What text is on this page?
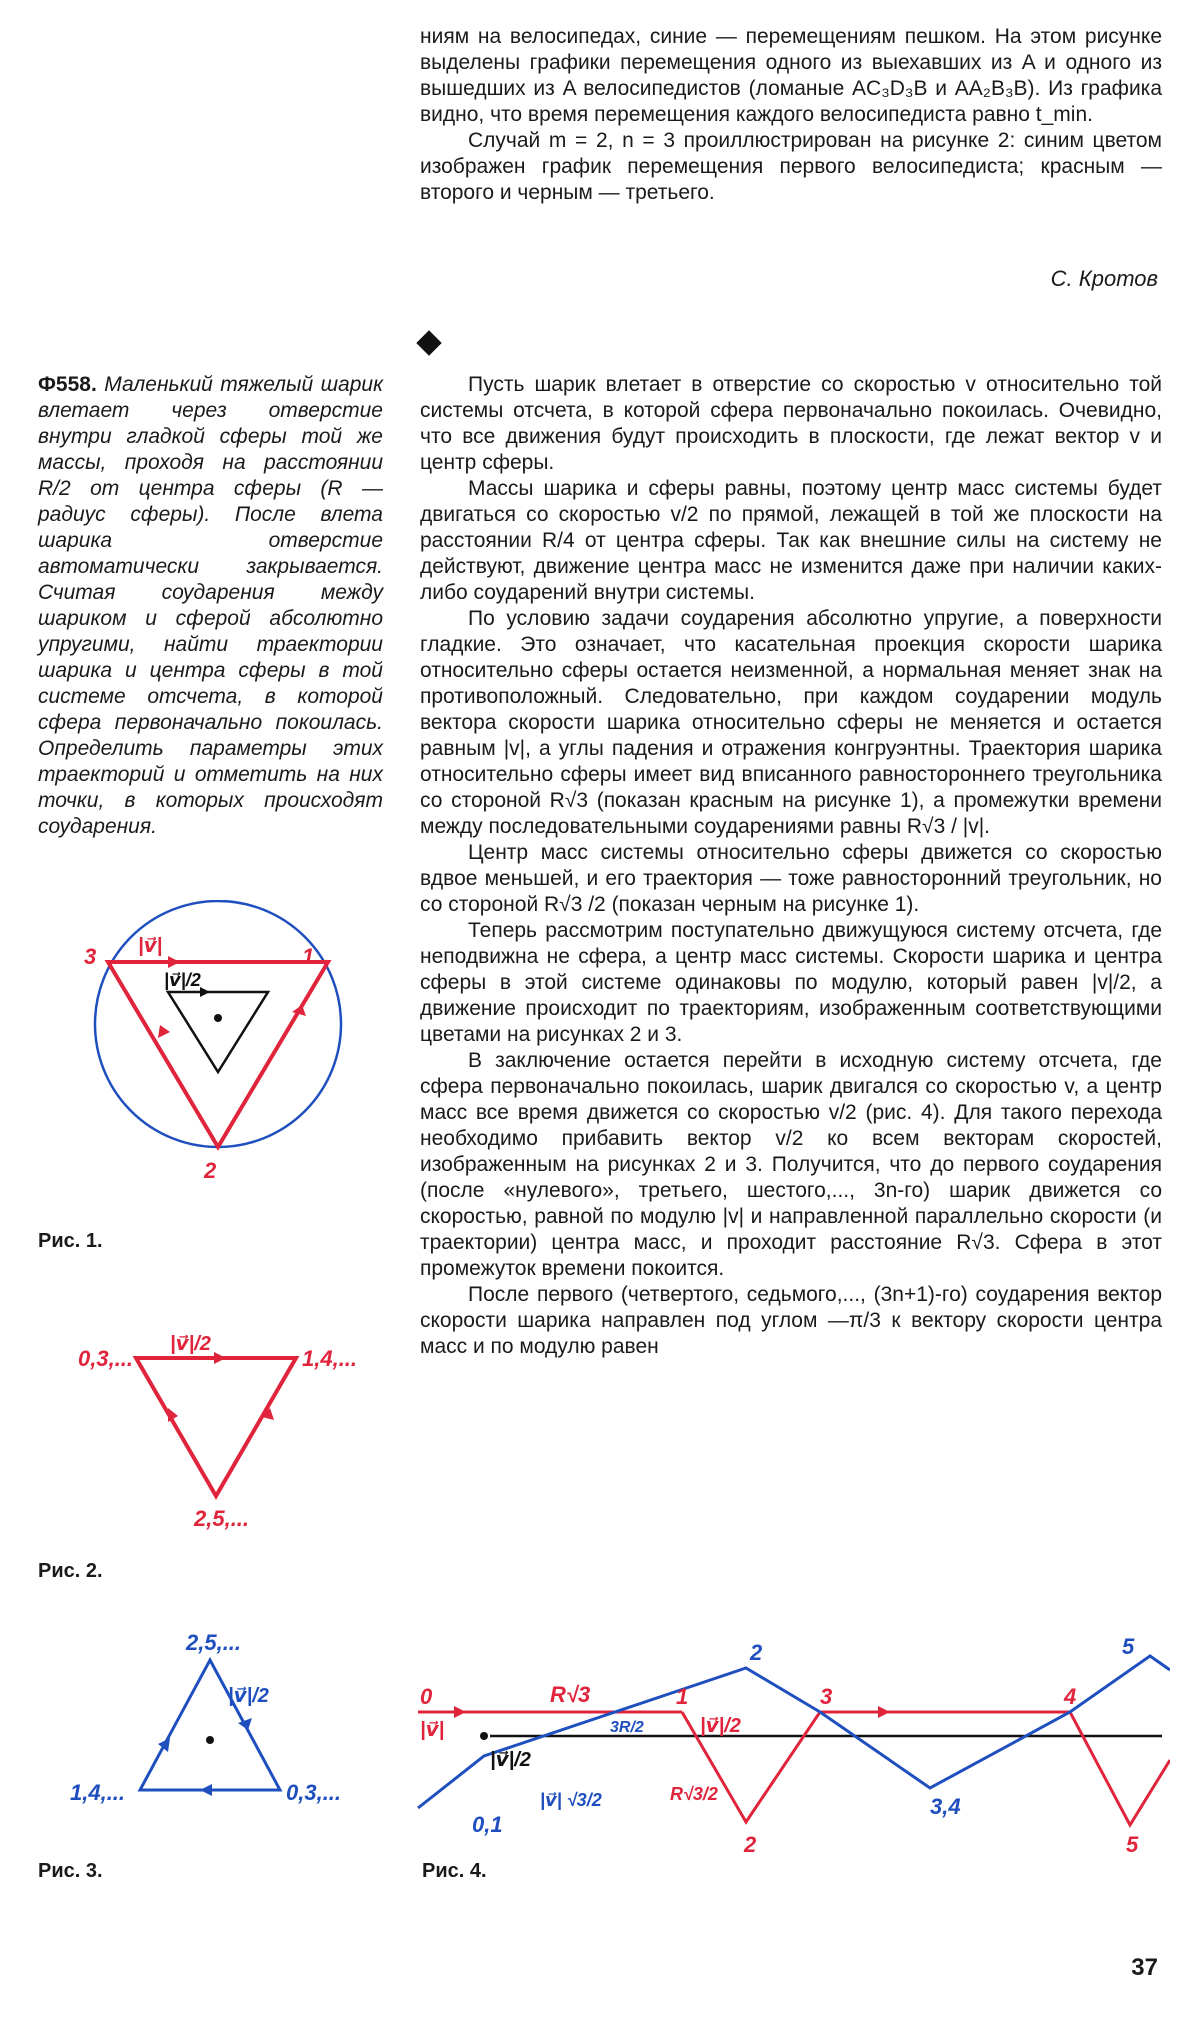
ниям на велосипедах, синие — перемещениям пешком. На этом рисунке выделены графики перемещения одного из выехавших из A и одного из вышедших из A велосипедистов (ломаные AC₃D₃B и AA₂B₃B). Из графика видно, что время перемещения каждого велосипедиста равно t_min.

Случай m = 2, n = 3 проиллюстрирован на рисунке 2: синим цветом изображен график перемещения первого велосипедиста; красным — второго и черным — третьего.

С. Кротов
Ф558. Маленький тяжелый шарик влетает через отверстие внутри гладкой сферы той же массы, проходя на расстоянии R/2 от центра сферы (R — радиус сферы). После влета шарика отверстие автоматически закрывается. Считая соударения между шариком и сферой абсолютно упругими, найти траектории шарика и центра сферы в той системе отсчета, в которой сфера первоначально покоилась. Определить параметры этих траекторий и отметить на них точки, в которых происходят соударения.

Пусть шарик влетает в отверстие со скоростью v относительно той системы отсчета, в которой сфера первоначально покоилась. Очевидно, что все движения будут происходить в плоскости, где лежат вектор v и центр сферы.

Массы шарика и сферы равны, поэтому центр масс системы будет двигаться со скоростью v/2 по прямой, лежащей в той же плоскости на расстоянии R/4 от центра сферы. Так как внешние силы на систему не действуют, движение центра масс не изменится даже при наличии каких-либо соударений внутри системы.

По условию задачи соударения абсолютно упругие, а поверхности гладкие. Это означает, что касательная проекция скорости шарика относительно сферы остается неизменной, а нормальная меняет знак на противоположный. Следовательно, при каждом соударении модуль вектора скорости шарика относительно сферы не меняется и остается равным |v|, а углы падения и отражения конгруэнтны. Траектория шарика относительно сферы имеет вид вписанного равностороннего треугольника со стороной R√3 (показан красным на рисунке 1), а промежутки времени между последовательными соударениями равны R√3 / |v|.

Центр масс системы относительно сферы движется со скоростью вдвое меньшей, и его траектория — тоже равносторонний треугольник, но со стороной R√3 /2 (показан черным на рисунке 1).

Теперь рассмотрим поступательно движущуюся систему отсчета, где неподвижна не сфера, а центр масс системы. Скорости шарика и центра сферы в этой системе одинаковы по модулю, который равен |v|/2, а движение происходит по траекториям, изображенным соответствующими цветами на рисунках 2 и 3.

В заключение остается перейти в исходную систему отсчета, где сфера первоначально покоилась, шарик двигался со скоростью v, а центр масс все время движется со скоростью v/2 (рис. 4). Для такого перехода необходимо прибавить вектор v/2 ко всем векторам скоростей, изображенным на рисунках 2 и 3. Получится, что до первого соударения (после «нулевого», третьего, шестого,..., 3n-го) шарик движется со скоростью, равной по модулю |v| и направленной параллельно скорости (и траектории) центра масс, и проходит расстояние R√3. Сфера в этот промежуток времени покоится.

После первого (четвертого, седьмого,..., (3n+1)-го) соударения вектор скорости шарика направлен под углом —π/3 к вектору скорости центра масс и по модулю равен

1
3
2
|v⃗|
|v⃗|/2
Рис. 1.
0,3,...	1,4,...
2,5,...
|v⃗|/2
Рис. 2.
2,5,...
1,4,...	0,3,...
|v⃗|/2
Рис. 3.
0
|v⃗|
|v⃗|/2
R√3
3R/2
|v⃗| √3/2
0,1
R√3/2
1
|v⃗|/2
2
2
3
3,4
4
5
5
Рис. 4.
37
